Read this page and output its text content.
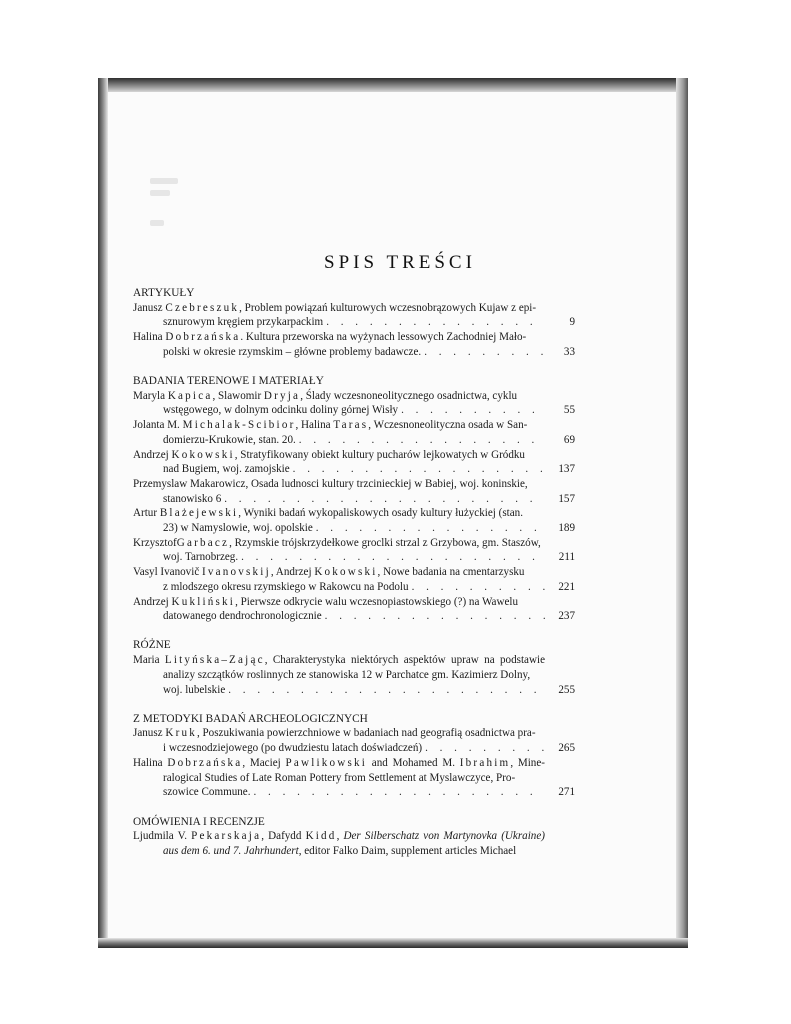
SPIS TREŚCI
ARTYKUŁY
Janusz Czebreszuk, Problem powiązań kulturowych wczesnobrązowych Kujaw z epi-
sznurowym kręgiem przykarpackim . . .	9
Halina Dobrzańska. Kultura przeworska na wyżynach lessowych Zachodniej Mało-
polski w okresie rzymskim – główne problemy badawcze. . . .	33
BADANIA TERENOWE I MATERIAŁY
Maryla Kapica, Slawomir Dryja, Ślady wczesnoneolitycznego osadnictwa, cyklu
wstęgowego, w dolnym odcinku doliny górnej Wisły . . .	55
Jolanta M. Michalak-Scibior, Halina Taras, Wczesnoneolityczna osada w San-
domierzu-Krukowie, stan. 20. . . .	69
Andrzej Kokowski, Stratyfikowany obiekt kultury pucharów lejkowatych w Gródku
nad Bugiem, woj. zamojskie . . .	137
Przemyslaw Makarowicz, Osada ludnosci kultury trzcinieckiej w Babiej, woj. koninskie,
stanowisko 6 . . .	157
Artur Blażejewski, Wyniki badań wykopaliskowych osady kultury łużyckiej (stan.
23) w Namyslowie, woj. opolskie . . .	189
KrzysztofGarbacz, Rzymskie trójskrzydełkowe groclki strzal z Grzybowa, gm. Staszów,
woj. Tarnobrzeg. . . .	211
Vasyl Ivanovič Ivanovskij, Andrzej Kokowski, Nowe badania na cmentarzysku
z mlodszego okresu rzymskiego w Rakowcu na Podolu . . .	221
Andrzej Kukliński, Pierwsze odkrycie walu wczesnopiastowskiego (?) na Wawelu
datowanego dendrochronologicznie . . .	237
RÓŻNE
Maria Lityńska–Zając, Charakterystyka niektórych aspektów upraw na podstawie analizy szczątków roslinnych ze stanowiska 12 w Parchatce gm. Kazimierz Dolny,
woj. lubelskie . . .	255
Z METODYKI BADAŃ ARCHEOLOGICZNYCH
Janusz Kruk, Poszukiwania powierzchniowe w badaniach nad geografią osadnictwa pra-
i wczesnodziejowego (po dwudziestu latach doświadczeń) . . .	265
Halina Dobrzańska, Maciej Pawlikowski and Mohamed M. Ibrahim, Mine- ralogical Studies of Late Roman Pottery from Settlement at Myslawczyce, Pro-
szowice Commune. . . .	271
OMÓWIENIA I RECENZJE
Ljudmila V. Pekarskaja, Dafydd Kidd, Der Silberschatz von Martynovka (Ukraine) aus dem 6. und 7. Jahrhundert, editor Falko Daim, supplement articles Michael
